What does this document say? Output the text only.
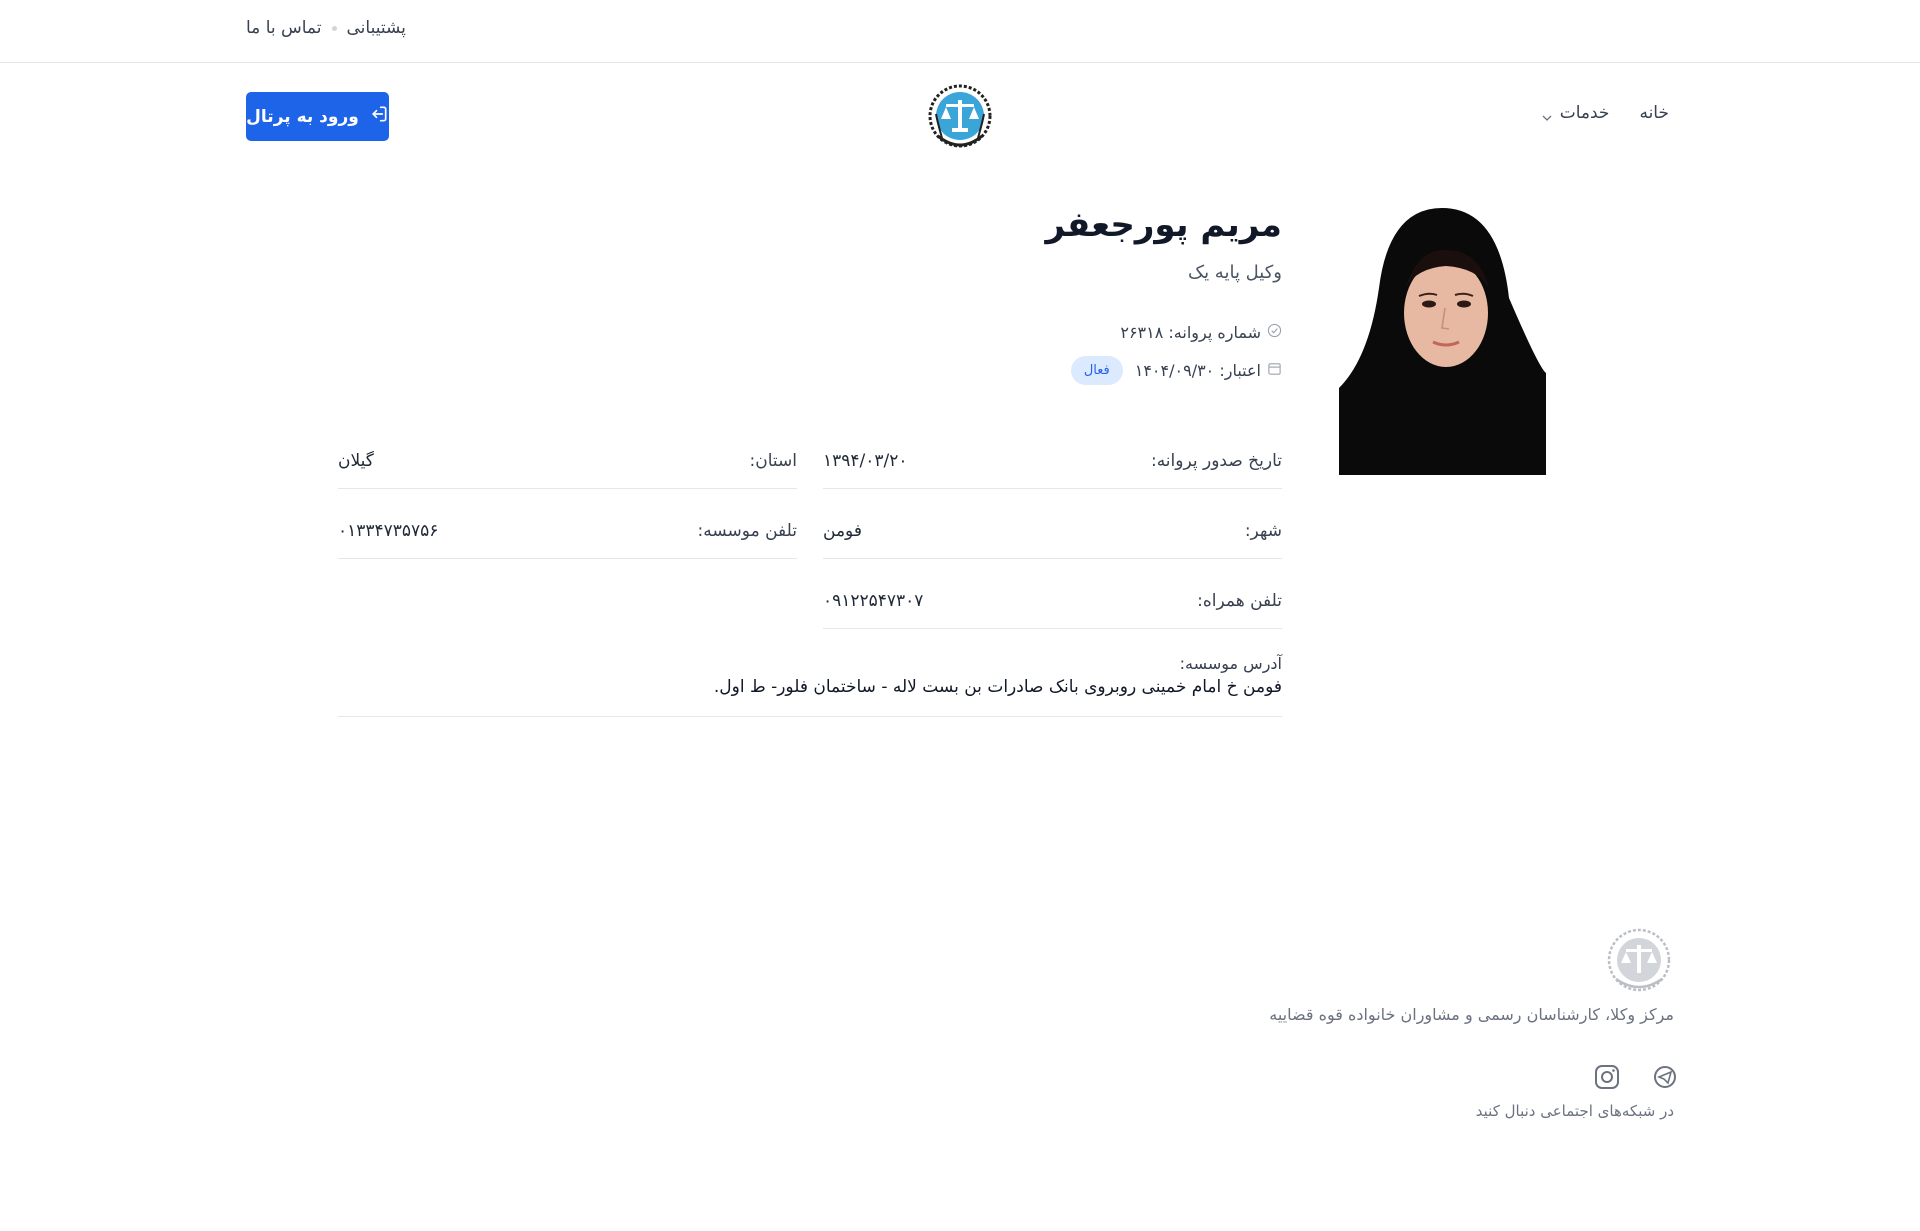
تماس با ما پشتیبانی
ورود به پرتال	خانه
خدمات
مریم پورجعفر
وکیل پایه یک
شماره پروانه: ۲۶۳۱۸
اعتبار: ۱۴۰۴/۰۹/۳۰
فعال
تاریخ صدور پروانه:
۱۳۹۴/۰۳/۲۰
استان:
گیلان
شهر:
فومن
تلفن موسسه:
۰۱۳۳۴۷۳۵۷۵۶
تلفن همراه:
۰۹۱۲۲۵۴۷۳۰۷
آدرس موسسه:
فومن خ امام خمینی روبروی بانک صادرات بن بست لاله - ساختمان فلور- ط اول.
مرکز وکلا، کارشناسان رسمی و مشاوران خانواده قوه قضاییه
در شبکه‌های اجتماعی دنبال کنید
